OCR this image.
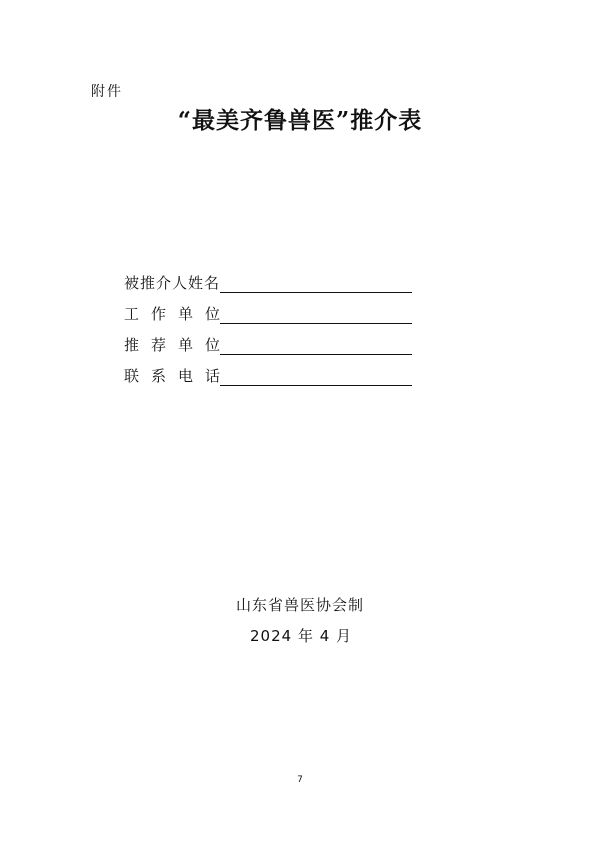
附件
“最美齐鲁兽医”推介表
被推介人姓名
工作单位
推荐单位
联系电话
山东省兽医协会制
2024 年 4 月
7
